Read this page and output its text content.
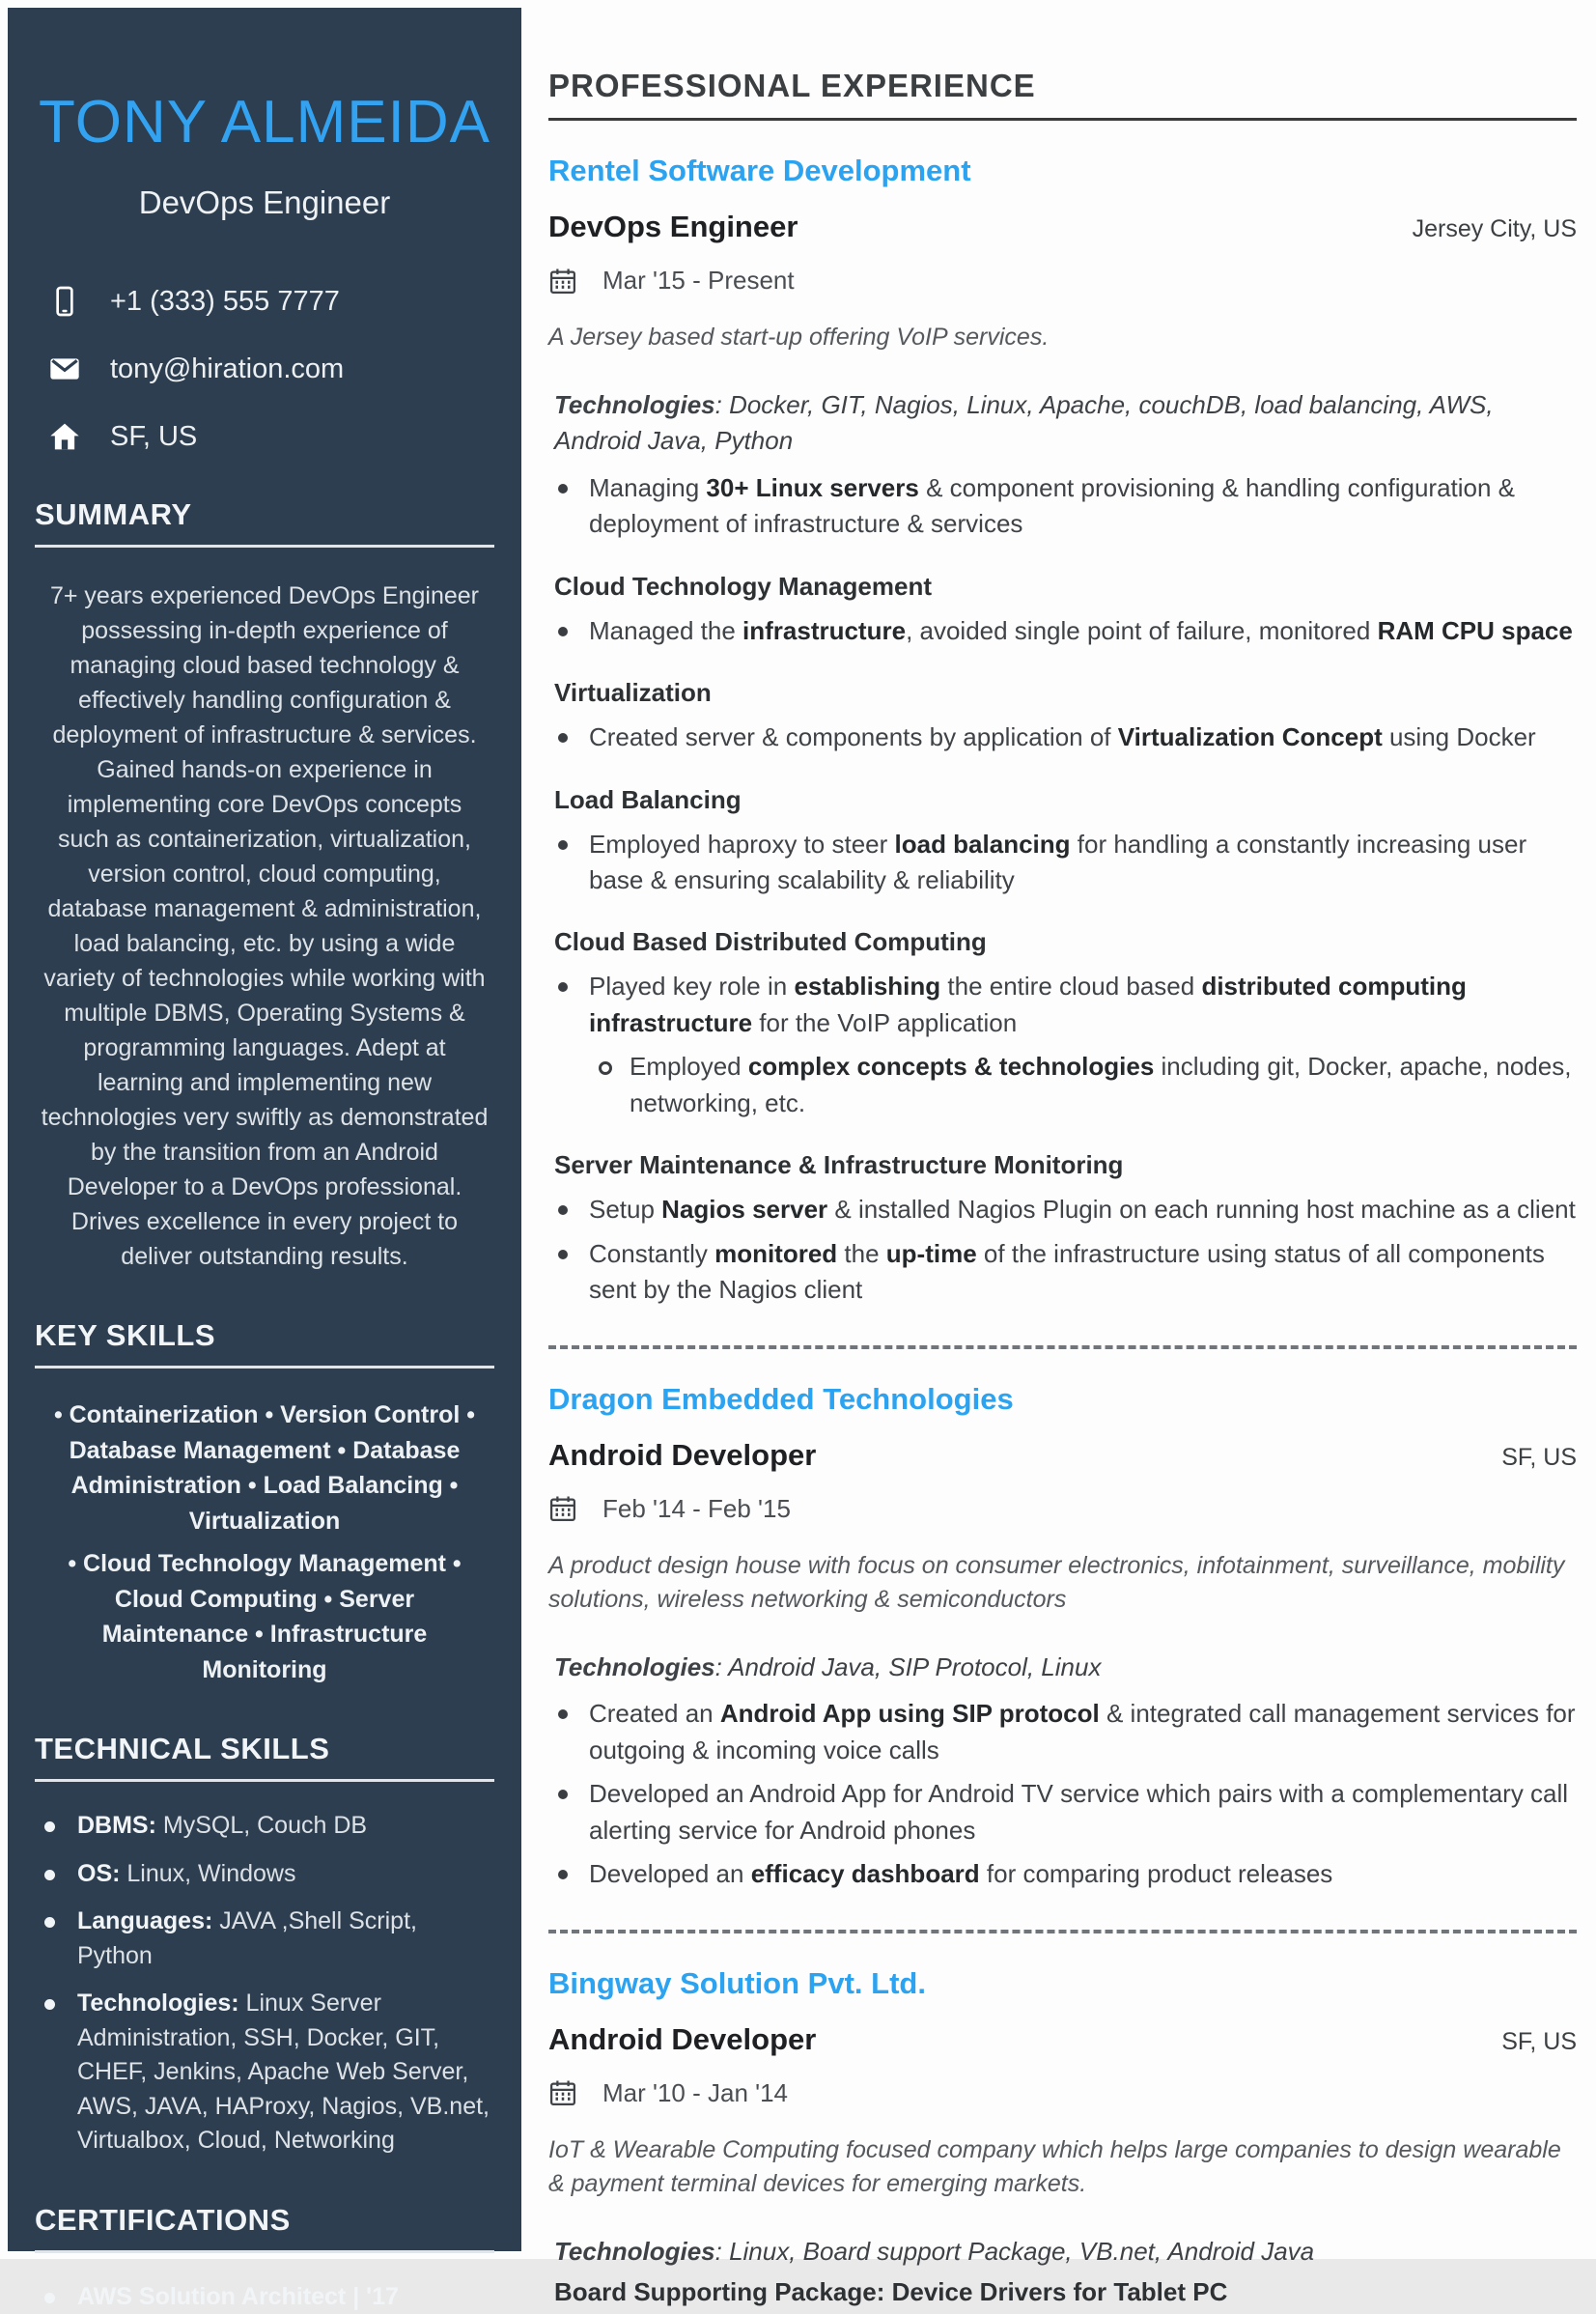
TONY ALMEIDA
DevOps Engineer
+1 (333) 555 7777
tony@hiration.com
SF, US
SUMMARY

7+ years experienced DevOps Engineer possessing in-depth experience of managing cloud based technology & effectively handling configuration & deployment of infrastructure & services. Gained hands-on experience in implementing core DevOps concepts such as containerization, virtualization, version control, cloud computing, database management & administration, load balancing, etc. by using a wide variety of technologies while working with multiple DBMS, Operating Systems & programming languages. Adept at learning and implementing new technologies very swiftly as demonstrated by the transition from an Android Developer to a DevOps professional. Drives excellence in every project to deliver outstanding results.

KEY SKILLS

• Containerization • Version Control • Database Management • Database Administration • Load Balancing • Virtualization

• Cloud Technology Management • Cloud Computing • Server Maintenance • Infrastructure Monitoring

TECHNICAL SKILLS
DBMS: MySQL, Couch DB
OS: Linux, Windows
Languages: JAVA ,Shell Script, Python
Technologies: Linux Server Administration, SSH, Docker, GIT, CHEF, Jenkins, Apache Web Server, AWS, JAVA, HAProxy, Nagios, VB.net, Virtualbox, Cloud, Networking
CERTIFICATIONS
AWS Solution Architect | '17
PROFESSIONAL EXPERIENCE
Rentel Software Development
DevOps Engineer	Jersey City, US
Mar '15 - Present

A Jersey based start-up offering VoIP services.

Technologies: Docker, GIT, Nagios, Linux, Apache, couchDB, load balancing, AWS, Android Java, Python

Managing 30+ Linux servers & component provisioning & handling configuration & deployment of infrastructure & services
Cloud Technology Management
Managed the infrastructure, avoided single point of failure, monitored RAM CPU space
Virtualization
Created server & components by application of Virtualization Concept using Docker
Load Balancing
Employed haproxy to steer load balancing for handling a constantly increasing user base & ensuring scalability & reliability
Cloud Based Distributed Computing
Played key role in establishing the entire cloud based distributed computing infrastructure for the VoIP application
Employed complex concepts & technologies including git, Docker, apache, nodes, networking, etc.
Server Maintenance & Infrastructure Monitoring
Setup Nagios server & installed Nagios Plugin on each running host machine as a client
Constantly monitored the up-time of the infrastructure using status of all components sent by the Nagios client
Dragon Embedded Technologies
Android Developer	SF, US
Feb '14 - Feb '15

A product design house with focus on consumer electronics, infotainment, surveillance, mobility solutions, wireless networking & semiconductors

Technologies: Android Java, SIP Protocol, Linux

Created an Android App using SIP protocol & integrated call management services for outgoing & incoming voice calls
Developed an Android App for Android TV service which pairs with a complementary call alerting service for Android phones
Developed an efficacy dashboard for comparing product releases
Bingway Solution Pvt. Ltd.
Android Developer	SF, US
Mar '10 - Jan '14

IoT & Wearable Computing focused company which helps large companies to design wearable & payment terminal devices for emerging markets.

Technologies: Linux, Board support Package, VB.net, Android Java

Board Supporting Package: Device Drivers for Tablet PC
